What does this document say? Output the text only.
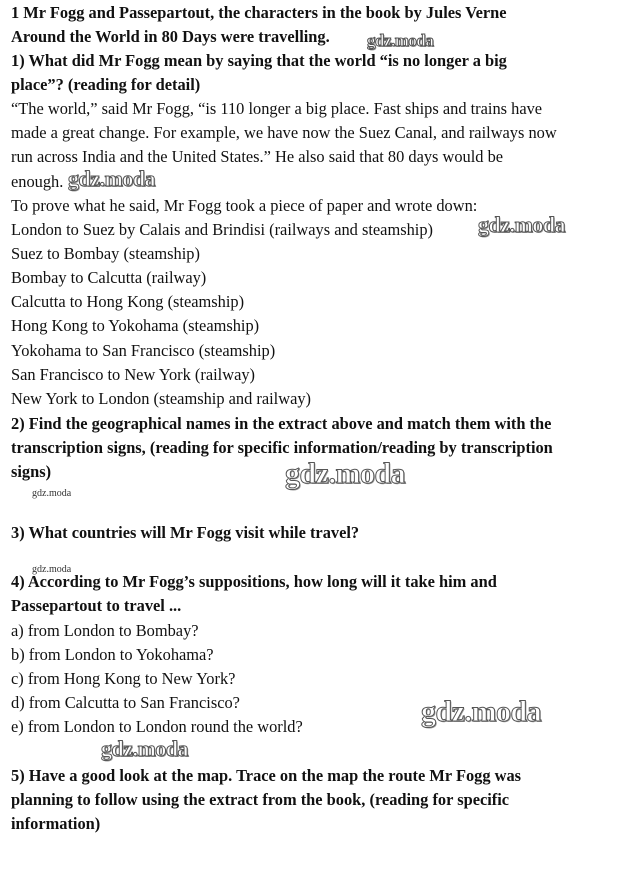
1 Mr Fogg and Passepartout, the characters in the book by Jules Verne
Around the World in 80 Days were travelling.
1) What did Mr Fogg mean by saying that the world “is no longer a big
place”? (reading for detail)
“The world,” said Mr Fogg, “is 110 longer a big place. Fast ships and trains have
made a great change. For example, we have now the Suez Canal, and railways now
run across India and the United States.” He also said that 80 days would be
enough.
To prove what he said, Mr Fogg took a piece of paper and wrote down:
London to Suez by Calais and Brindisi (railways and steamship)
Suez to Bombay (steamship)
Bombay to Calcutta (railway)
Calcutta to Hong Kong (steamship)
Hong Kong to Yokohama (steamship)
Yokohama to San Francisco (steamship)
San Francisco to New York (railway)
New York to London (steamship and railway)
2) Find the geographical names in the extract above and match them with the
transcription signs, (reading for specific information/reading by transcription
signs)
3) What countries will Mr Fogg visit while travel?
4) According to Mr Fogg’s suppositions, how long will it take him and
Passepartout to travel ...
a) from London to Bombay?
b) from London to Yokohama?
c) from Hong Kong to New York?
d) from Calcutta to San Francisco?
e) from London to London round the world?
5) Have a good look at the map. Trace on the map the route Mr Fogg was
planning to follow using the extract from the book, (reading for specific
information)
gdz.moda
gdz.moda
gdz.moda
gdz.moda
gdz.moda
gdz.moda
gdz.moda
gdz.moda
